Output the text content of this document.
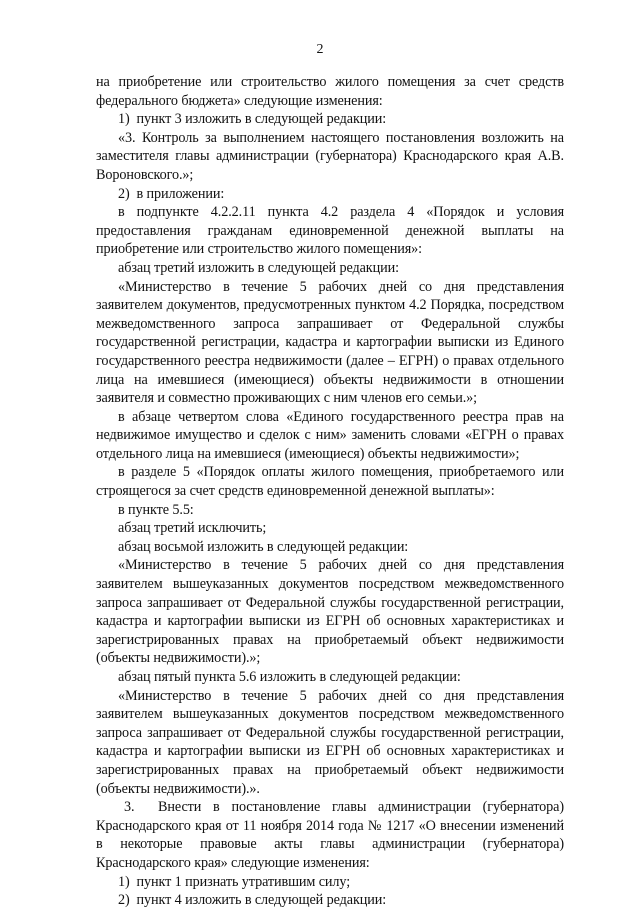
2

на приобретение или строительство жилого помещения за счет средств федерального бюджета» следующие изменения:

1)  пункт 3 изложить в следующей редакции:

«3. Контроль за выполнением настоящего постановления возложить на заместителя главы администрации (губернатора) Краснодарского края А.В. Вороновского.»;

2)  в приложении:

в подпункте 4.2.2.11 пункта 4.2 раздела 4 «Порядок и условия предоставления гражданам единовременной денежной выплаты на приобретение или строительство жилого помещения»:

абзац третий изложить в следующей редакции:

«Министерство в течение 5 рабочих дней со дня представления заявителем документов, предусмотренных пунктом 4.2 Порядка, посредством межведомственного запроса запрашивает от Федеральной службы государственной регистрации, кадастра и картографии выписки из Единого государственного реестра недвижимости (далее – ЕГРН) о правах отдельного лица на имевшиеся (имеющиеся) объекты недвижимости в отношении заявителя и совместно проживающих с ним членов его семьи.»;

в абзаце четвертом слова «Единого государственного реестра прав на недвижимое имущество и сделок с ним» заменить словами «ЕГРН о правах отдельного лица на имевшиеся (имеющиеся) объекты недвижимости»;

в разделе 5 «Порядок оплаты жилого помещения, приобретаемого или строящегося за счет средств единовременной денежной выплаты»:

в пункте 5.5:

абзац третий исключить;

абзац восьмой изложить в следующей редакции:

«Министерство в течение 5 рабочих дней со дня представления заявителем вышеуказанных документов посредством межведомственного запроса запрашивает от Федеральной службы государственной регистрации, кадастра и картографии выписки из ЕГРН об основных характеристиках и зарегистрированных правах на приобретаемый объект недвижимости (объекты недвижимости).»;

абзац пятый пункта 5.6 изложить в следующей редакции:

«Министерство в течение 5 рабочих дней со дня представления заявителем вышеуказанных документов посредством межведомственного запроса запрашивает от Федеральной службы государственной регистрации, кадастра и картографии выписки из ЕГРН об основных характеристиках и зарегистрированных правах на приобретаемый объект недвижимости (объекты недвижимости).».

3.  Внести в постановление главы администрации (губернатора) Краснодарского края от 11 ноября 2014 года № 1217 «О внесении изменений в некоторые правовые акты главы администрации (губернатора) Краснодарского края» следующие изменения:

1)  пункт 1 признать утратившим силу;

2)  пункт 4 изложить в следующей редакции:
